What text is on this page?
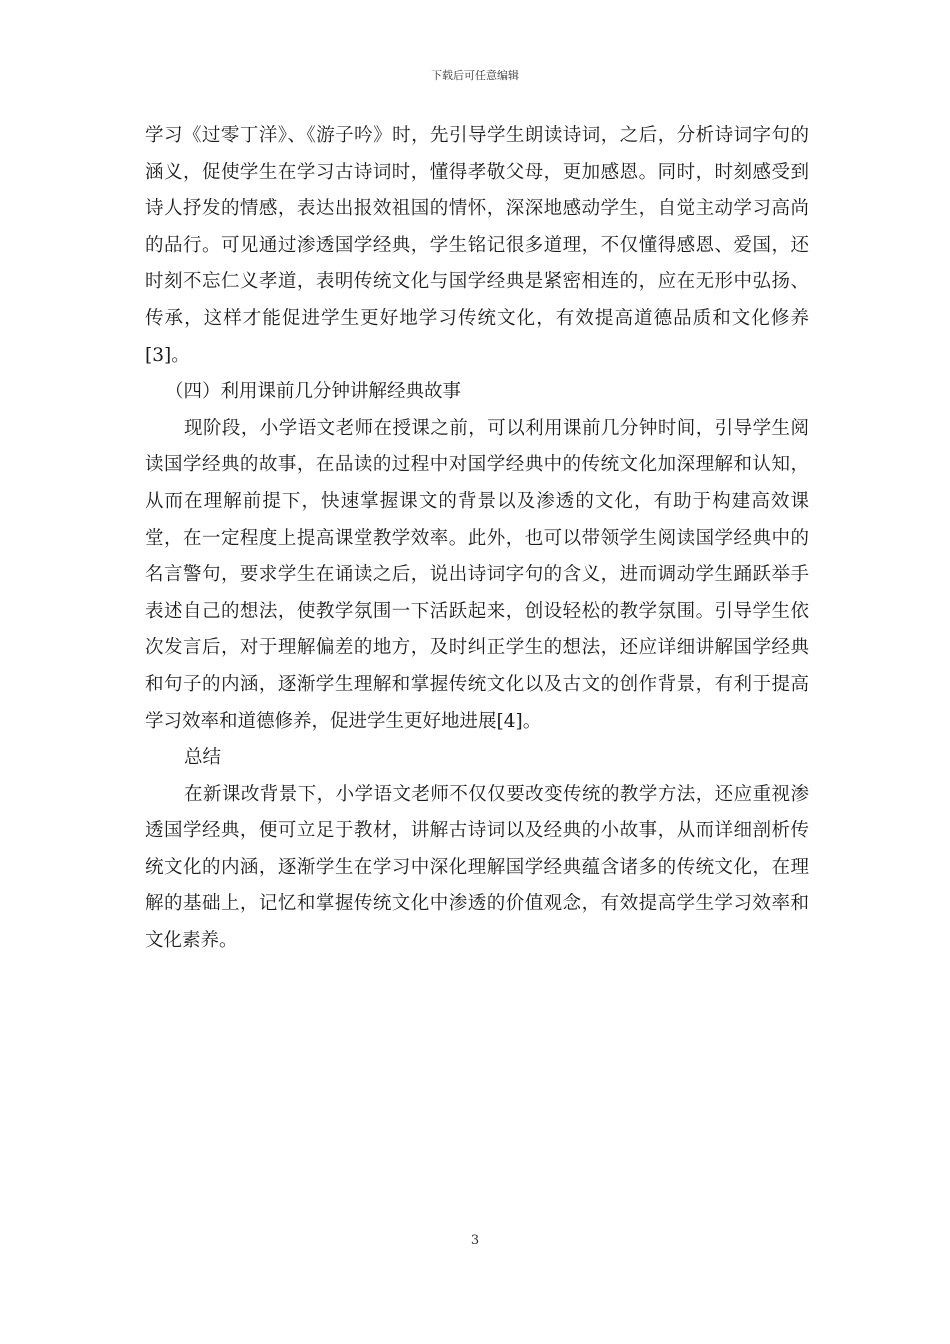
下载后可任意编辑

学习《过零丁洋》、《游子吟》时，先引导学生朗读诗词，之后，分析诗词字句的涵义，促使学生在学习古诗词时，懂得孝敬父母，更加感恩。同时，时刻感受到诗人抒发的情感，表达出报效祖国的情怀，深深地感动学生，自觉主动学习高尚的品行。可见通过渗透国学经典，学生铭记很多道理，不仅懂得感恩、爱国，还时刻不忘仁义孝道，表明传统文化与国学经典是紧密相连的，应在无形中弘扬、传承，这样才能促进学生更好地学习传统文化，有效提高道德品质和文化修养[3]。

（四）利用课前几分钟讲解经典故事

现阶段，小学语文老师在授课之前，可以利用课前几分钟时间，引导学生阅读国学经典的故事，在品读的过程中对国学经典中的传统文化加深理解和认知，从而在理解前提下，快速掌握课文的背景以及渗透的文化，有助于构建高效课堂，在一定程度上提高课堂教学效率。此外，也可以带领学生阅读国学经典中的名言警句，要求学生在诵读之后，说出诗词字句的含义，进而调动学生踊跃举手表述自己的想法，使教学氛围一下活跃起来，创设轻松的教学氛围。引导学生依次发言后，对于理解偏差的地方，及时纠正学生的想法，还应详细讲解国学经典和句子的内涵，逐渐学生理解和掌握传统文化以及古文的创作背景，有利于提高学习效率和道德修养，促进学生更好地进展[4]。

总结

在新课改背景下，小学语文老师不仅仅要改变传统的教学方法，还应重视渗透国学经典，便可立足于教材，讲解古诗词以及经典的小故事，从而详细剖析传统文化的内涵，逐渐学生在学习中深化理解国学经典蕴含诸多的传统文化，在理解的基础上，记忆和掌握传统文化中渗透的价值观念，有效提高学生学习效率和文化素养。

3
